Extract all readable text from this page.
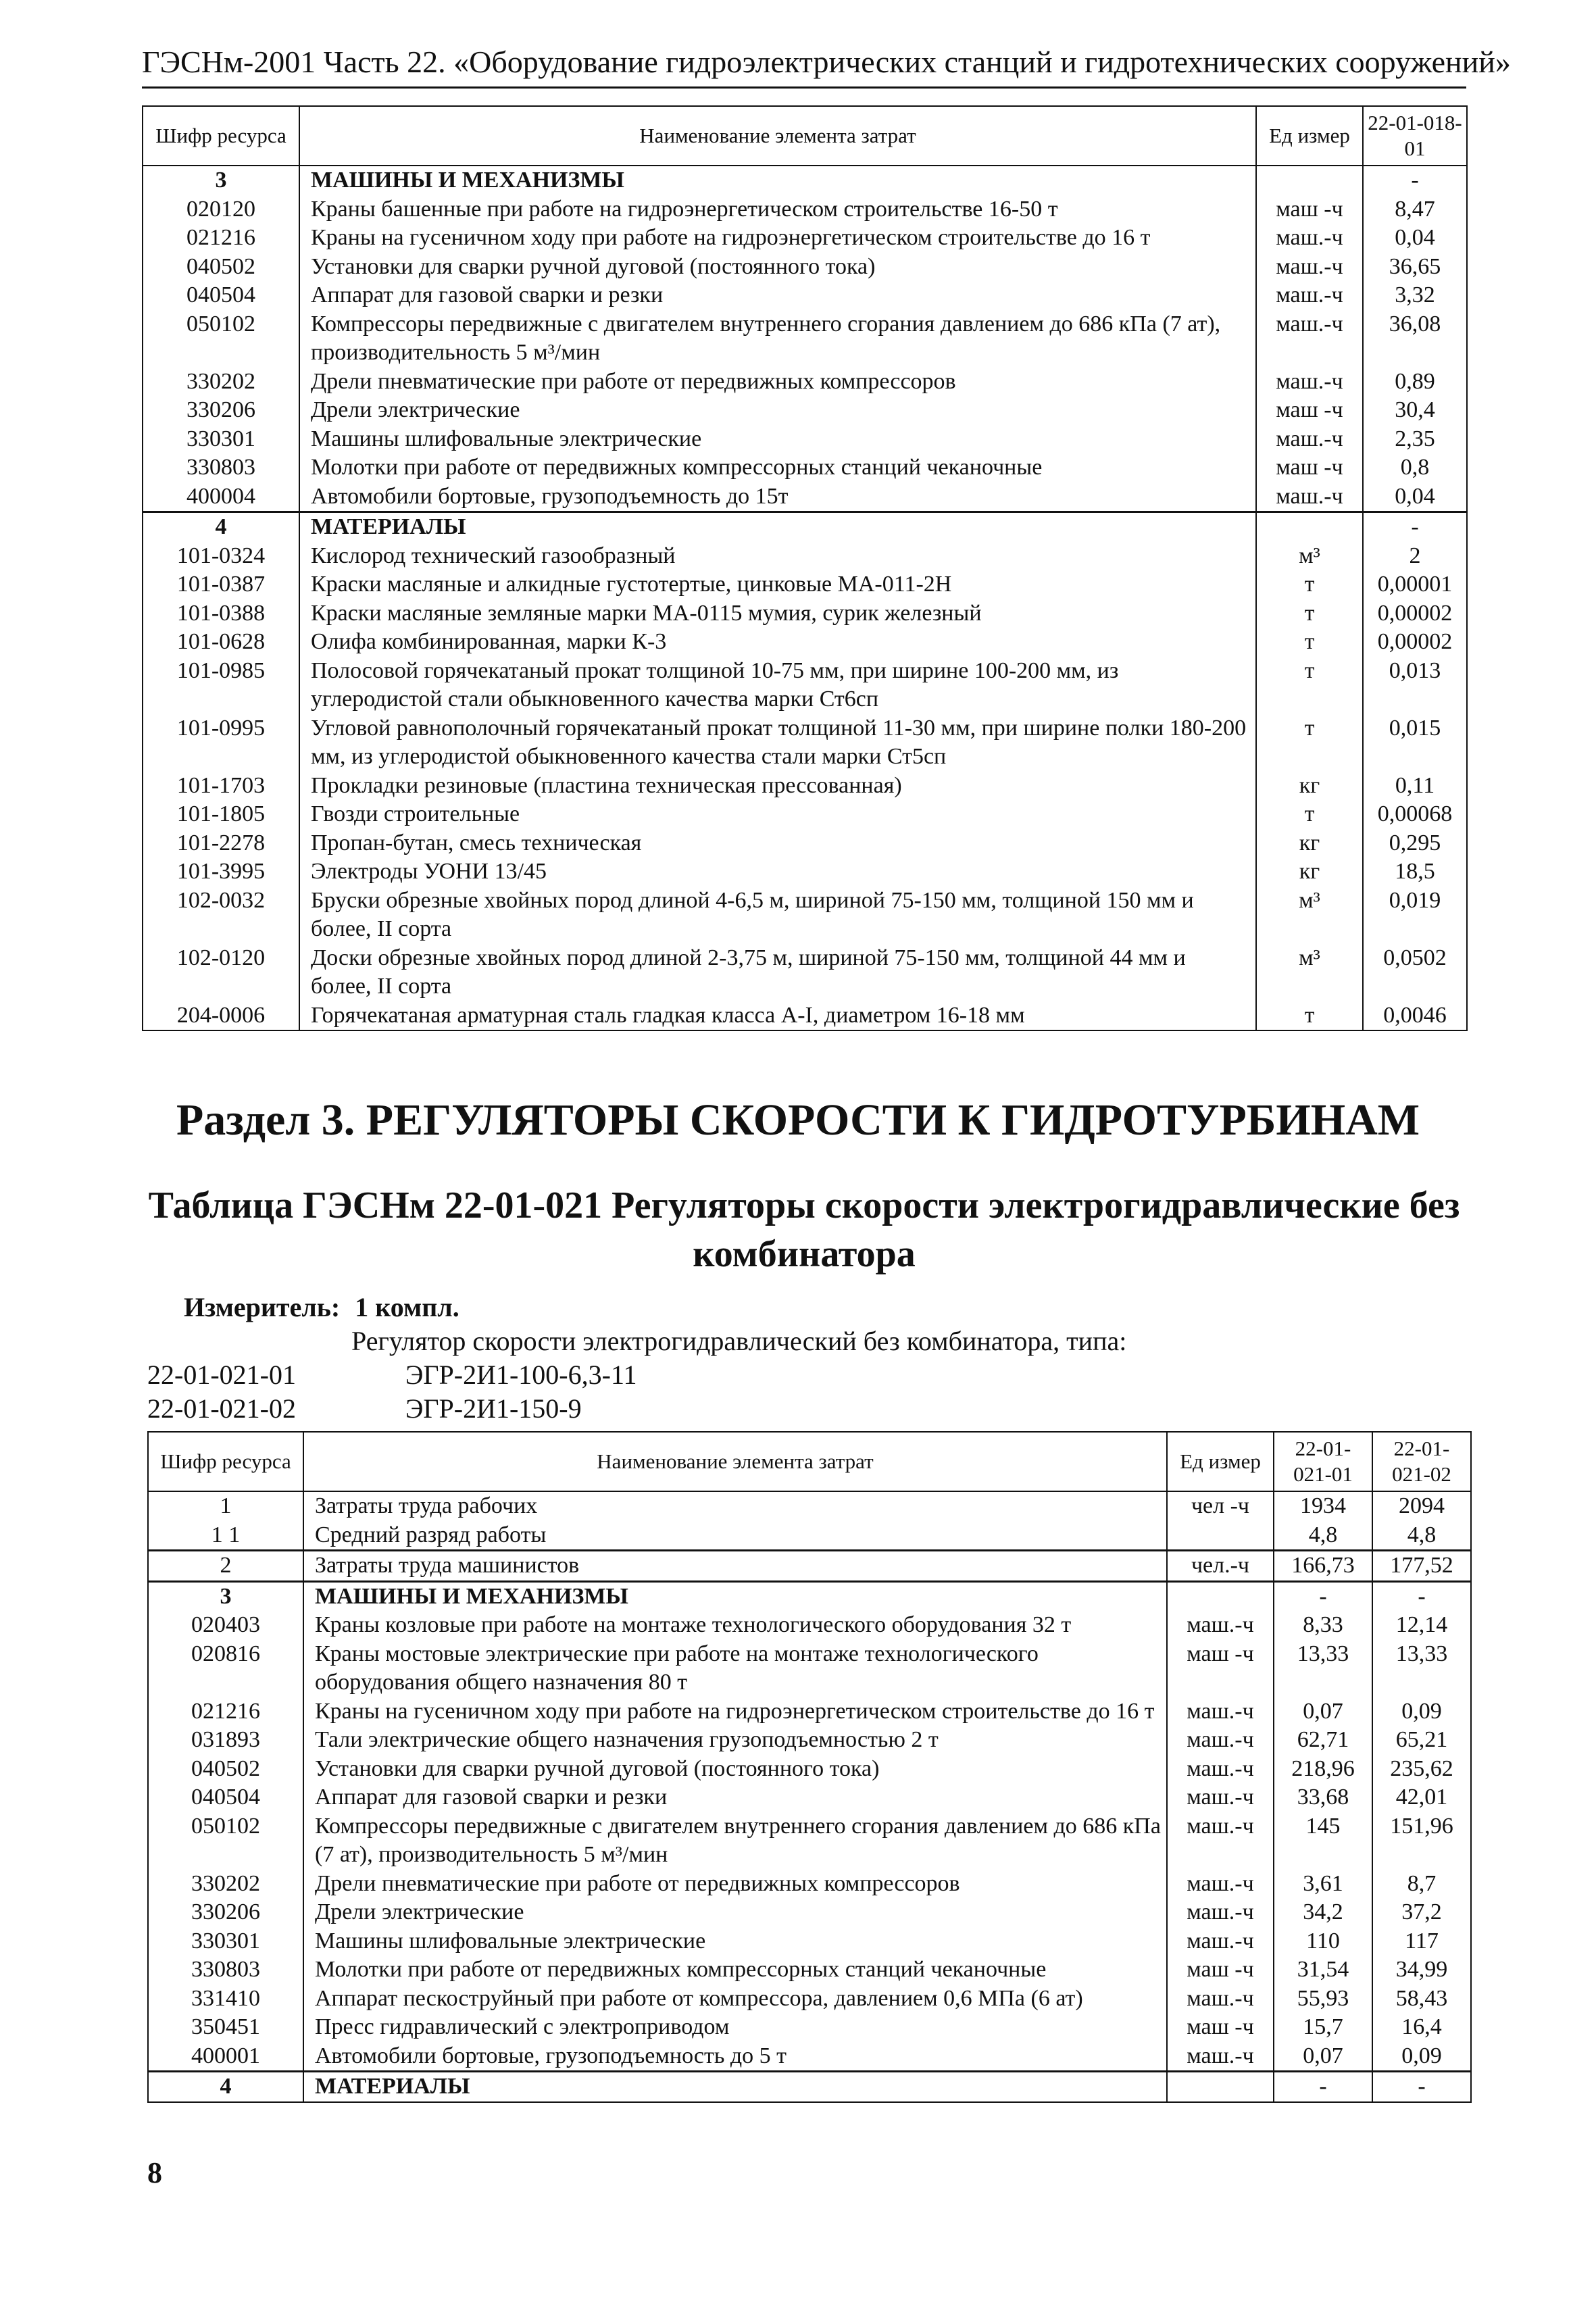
ГЭСНм-2001 Часть 22. «Оборудование гидроэлектрических станций и гидротехнических сооружений»
Шифр ресурса	Наименование элемента затрат	Ед измер	22-01-018-01
3	МАШИНЫ И МЕХАНИЗМЫ		-
020120	Краны башенные при работе на гидроэнергетическом строительстве 16-50 т	маш -ч	8,47
021216	Краны на гусеничном ходу при работе на гидроэнергетическом строительстве до 16 т	маш.-ч	0,04
040502	Установки для сварки ручной дуговой (постоянного тока)	маш.-ч	36,65
040504	Аппарат для газовой сварки и резки	маш.-ч	3,32
050102	Компрессоры передвижные с двигателем внутреннего сгорания давлением до 686 кПа (7 ат), производительность 5 м³/мин	маш.-ч	36,08
330202	Дрели пневматические при работе от передвижных компрессоров	маш.-ч	0,89
330206	Дрели электрические	маш -ч	30,4
330301	Машины шлифовальные электрические	маш.-ч	2,35
330803	Молотки при работе от передвижных компрессорных станций чеканочные	маш -ч	0,8
400004	Автомобили бортовые, грузоподъемность до 15т	маш.-ч	0,04
4	МАТЕРИАЛЫ		-
101-0324	Кислород технический газообразный	м³	2
101-0387	Краски масляные и алкидные густотертые, цинковые МА-011-2Н	т	0,00001
101-0388	Краски масляные земляные марки МА-0115 мумия, сурик железный	т	0,00002
101-0628	Олифа комбинированная, марки К-3	т	0,00002
101-0985	Полосовой горячекатаный прокат толщиной 10-75 мм, при ширине 100-200 мм, из углеродистой стали обыкновенного качества марки Ст6сп	т	0,013
101-0995	Угловой равнополочный горячекатаный прокат толщиной 11-30 мм, при ширине полки 180-200 мм, из углеродистой обыкновенного качества стали марки Ст5сп	т	0,015
101-1703	Прокладки резиновые (пластина техническая прессованная)	кг	0,11
101-1805	Гвозди строительные	т	0,00068
101-2278	Пропан-бутан, смесь техническая	кг	0,295
101-3995	Электроды УОНИ 13/45	кг	18,5
102-0032	Бруски обрезные хвойных пород длиной 4-6,5 м, шириной 75-150 мм, толщиной 150 мм и более, II сорта	м³	0,019
102-0120	Доски обрезные хвойных пород длиной 2-3,75 м, шириной 75-150 мм, толщиной 44 мм и более, II сорта	м³	0,0502
204-0006	Горячекатаная арматурная сталь гладкая класса А-I, диаметром 16-18 мм	т	0,0046
Раздел 3. РЕГУЛЯТОРЫ СКОРОСТИ К ГИДРОТУРБИНАМ
Таблица ГЭСНм 22-01-021 Регуляторы скорости электрогидравлические без комбинатора
Измеритель: 1 компл.
Регулятор скорости электрогидравлический без комбинатора, типа:
22-01-021-01	ЭГР-2И1-100-6,3-11
22-01-021-02	ЭГР-2И1-150-9
Шифр ресурса	Наименование элемента затрат	Ед измер	22-01-021-01	22-01-021-02
1	Затраты труда рабочих	чел -ч	1934	2094
1 1	Средний разряд работы		4,8	4,8
2	Затраты труда машинистов	чел.-ч	166,73	177,52
3	МАШИНЫ И МЕХАНИЗМЫ		-	-
020403	Краны козловые при работе на монтаже технологического оборудования 32 т	маш.-ч	8,33	12,14
020816	Краны мостовые электрические при работе на монтаже технологического оборудования общего назначения 80 т	маш -ч	13,33	13,33
021216	Краны на гусеничном ходу при работе на гидроэнергетическом строительстве до 16 т	маш.-ч	0,07	0,09
031893	Тали электрические общего назначения грузоподъемностью 2 т	маш.-ч	62,71	65,21
040502	Установки для сварки ручной дуговой (постоянного тока)	маш.-ч	218,96	235,62
040504	Аппарат для газовой сварки и резки	маш.-ч	33,68	42,01
050102	Компрессоры передвижные с двигателем внутреннего сгорания давлением до 686 кПа (7 ат), производительность 5 м³/мин	маш.-ч	145	151,96
330202	Дрели пневматические при работе от передвижных компрессоров	маш.-ч	3,61	8,7
330206	Дрели электрические	маш.-ч	34,2	37,2
330301	Машины шлифовальные электрические	маш.-ч	110	117
330803	Молотки при работе от передвижных компрессорных станций чеканочные	маш -ч	31,54	34,99
331410	Аппарат пескоструйный при работе от компрессора, давлением 0,6 МПа (6 ат)	маш.-ч	55,93	58,43
350451	Пресс гидравлический с электроприводом	маш -ч	15,7	16,4
400001	Автомобили бортовые, грузоподъемность до 5 т	маш.-ч	0,07	0,09
4	МАТЕРИАЛЫ		-	-
8
